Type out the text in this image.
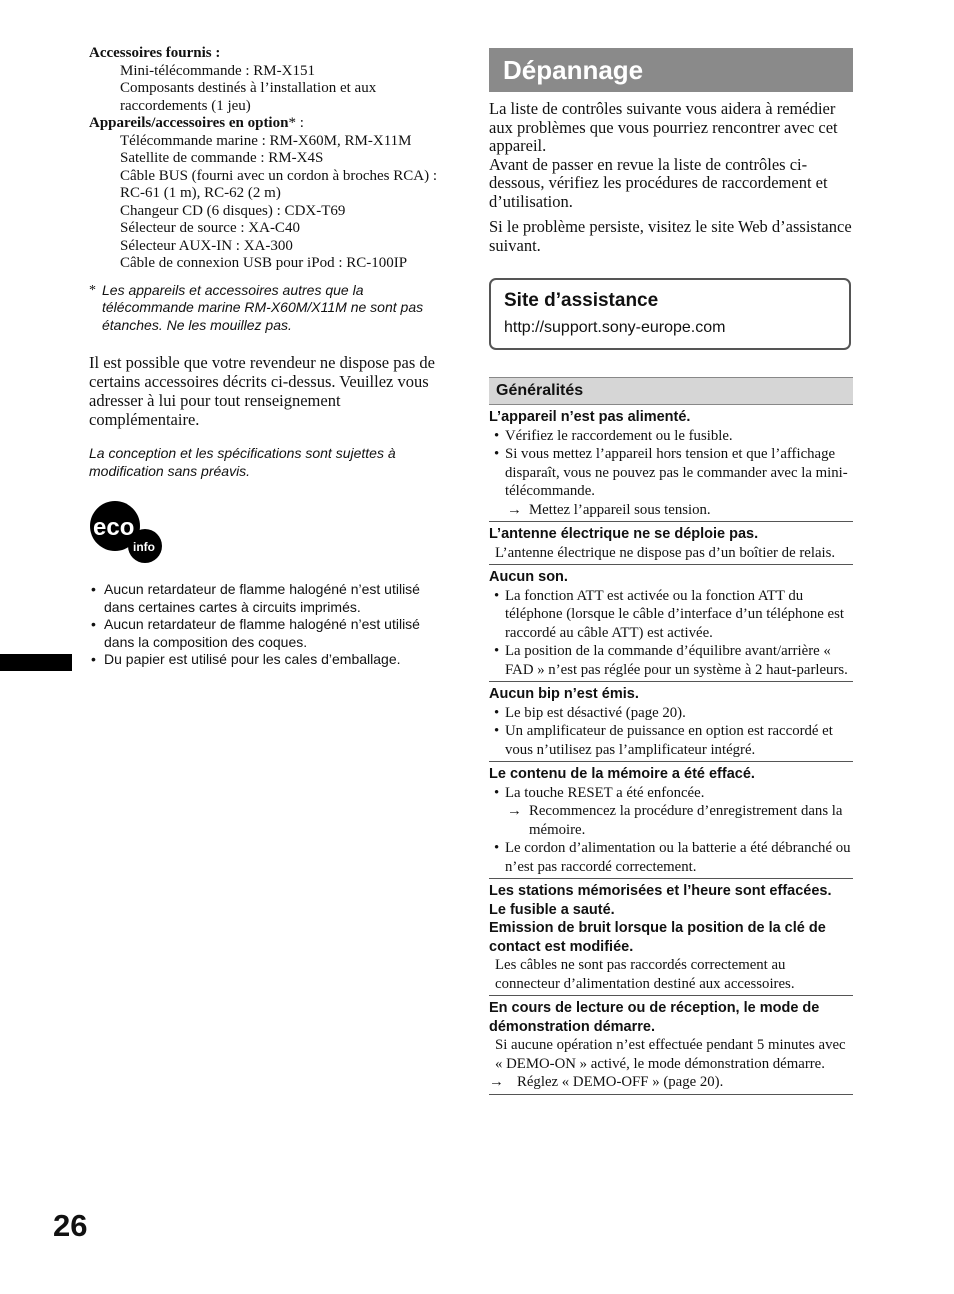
Accessoires fournis :
Mini-télécommande : RM-X151
Composants destinés à l’installation et aux
raccordements (1 jeu)
Appareils/accessoires en option* :
Télécommande marine : RM-X60M, RM-X11M
Satellite de commande : RM-X4S
Câble BUS (fourni avec un cordon à broches RCA) :
RC-61 (1 m), RC-62 (2 m)
Changeur CD (6 disques) : CDX-T69
Sélecteur de source : XA-C40
Sélecteur AUX-IN : XA-300
Câble de connexion USB pour iPod : RC-100IP
* Les appareils et accessoires autres que la télécommande marine RM-X60M/X11M ne sont pas étanches. Ne les mouillez pas.
Il est possible que votre revendeur ne dispose pas de certains accessoires décrits ci-dessus. Veuillez vous adresser à lui pour tout renseignement complémentaire.
La conception et les spécifications sont sujettes à modification sans préavis.
eco
info
• Aucun retardateur de flamme halogéné n’est utilisé dans certaines cartes à circuits imprimés.
• Aucun retardateur de flamme halogéné n’est utilisé dans la composition des coques.
• Du papier est utilisé pour les cales d’emballage.
Dépannage
La liste de contrôles suivante vous aidera à remédier aux problèmes que vous pourriez rencontrer avec cet appareil.
Avant de passer en revue la liste de contrôles ci-dessous, vérifiez les procédures de raccordement et d’utilisation.
Si le problème persiste, visitez le site Web d’assistance suivant.
Site d’assistance
http://support.sony-europe.com
Généralités
L’appareil n’est pas alimenté.
• Vérifiez le raccordement ou le fusible.
• Si vous mettez l’appareil hors tension et que l’affichage disparaît, vous ne pouvez pas le commander avec la mini-télécommande.
→ Mettez l’appareil sous tension.
L’antenne électrique ne se déploie pas.
L’antenne électrique ne dispose pas d’un boîtier de relais.
Aucun son.
• La fonction ATT est activée ou la fonction ATT du téléphone (lorsque le câble d’interface d’un téléphone est raccordé au câble ATT) est activée.
• La position de la commande d’équilibre avant/arrière « FAD » n’est pas réglée pour un système à 2 haut-parleurs.
Aucun bip n’est émis.
• Le bip est désactivé (page 20).
• Un amplificateur de puissance en option est raccordé et vous n’utilisez pas l’amplificateur intégré.
Le contenu de la mémoire a été effacé.
• La touche RESET a été enfoncée.
→ Recommencez la procédure d’enregistrement dans la mémoire.
• Le cordon d’alimentation ou la batterie a été débranché ou n’est pas raccordé correctement.
Les stations mémorisées et l’heure sont effacées.
Le fusible a sauté.
Emission de bruit lorsque la position de la clé de contact est modifiée.
Les câbles ne sont pas raccordés correctement au connecteur d’alimentation destiné aux accessoires.
En cours de lecture ou de réception, le mode de démonstration démarre.
Si aucune opération n’est effectuée pendant 5 minutes avec « DEMO-ON » activé, le mode démonstration démarre.
→ Réglez « DEMO-OFF » (page 20).
26
